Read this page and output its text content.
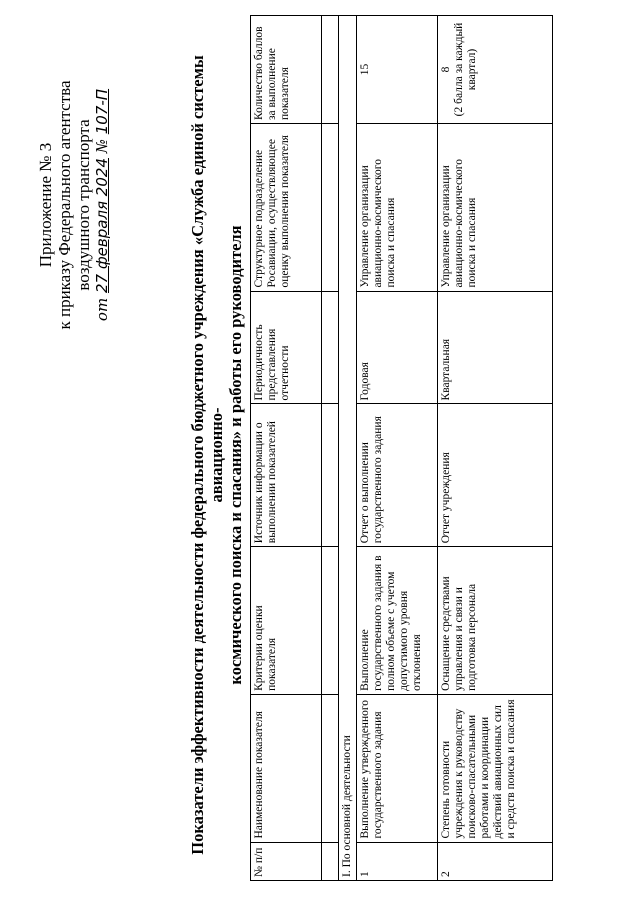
Приложение № 3 к приказу Федерального агентства воздушного транспорта
от 27 февраля 2024 № 107-П	Показатели эффективности деятельности федерального бюджетного учреждения «Служба единой системы авиационно- космического поиска и спасания» и работы его руководителя
№ п/п	Наименование показателя	Критерии оценки показателя	Источник информации о выполнении показателей	Периодичность представления отчетности	Структурное подразделение Росавиации, осуществляющее оценку выполнения показателя	Количество баллов за выполнение показателя

I. По основной деятельности						
1	Выполнение утвержденного государственного задания	Выполнение государственного задания в полном объеме с учетом допустимого уровня отклонения	Отчет о выполнении государственного задания	Годовая	Управление организации авиационно-космического поиска и спасания	15

2	Степень готовности учреждения к руководству поисково-спасательными работами и координации действий авиационных сил и средств поиска и спасания	Оснащение средствами управления и связи и подготовка персонала	Отчет учреждения	Квартальная	Управление организации авиационно-космического поиска и спасания	8 (2 балла за каждый квартал)
